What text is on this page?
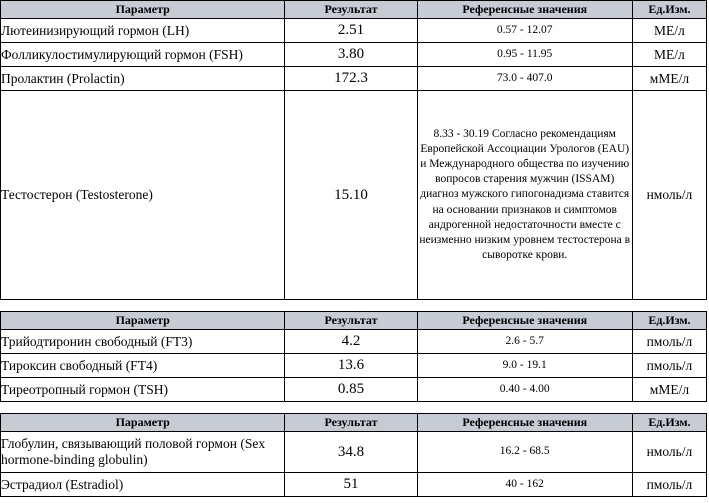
Параметр	Результат	Референсные значения	Ед.Изм.
Лютеинизирующий гормон (LH)	2.51	0.57 - 12.07	МЕ/л
Фолликулостимулирующий гормон (FSH)	3.80	0.95 - 11.95	МЕ/л
Пролактин (Prolactin)	172.3	73.0 - 407.0	мМЕ/л
Тестостерон (Testosterone)	15.10	8.33 - 30.19 Согласно рекомендациям Европейской Ассоциации Урологов (EAU) и Международного общества по изучению вопросов старения мужчин (ISSAM) диагноз мужского гипогонадизма ставится на основании признаков и симптомов андрогенной недостаточности вместе с неизменно низким уровнем тестостерона в сыворотке крови.	нмоль/л
Параметр	Результат	Референсные значения	Ед.Изм.
Трийодтиронин свободный (FT3)	4.2	2.6 - 5.7	пмоль/л
Тироксин свободный (FT4)	13.6	9.0 - 19.1	пмоль/л
Тиреотропный гормон (TSH)	0.85	0.40 - 4.00	мМЕ/л
Параметр	Результат	Референсные значения	Ед.Изм.
Глобулин, связывающий половой гормон (Sex hormone-binding globulin)	34.8	16.2 - 68.5	нмоль/л
Эстрадиол (Estradiol)	51	40 - 162	пмоль/л
